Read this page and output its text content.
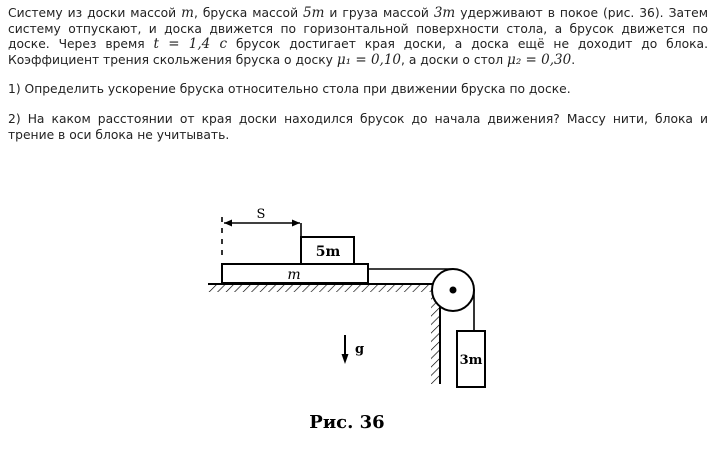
Систему из доски массой m, бруска массой 5m и груза массой 3m удерживают в покое (рис. 36). Затем систему отпускают, и доска движется по горизонтальной поверхности стола, а брусок движется по доске. Через время t = 1,4 с брусок достигает края доски, а доска ещё не доходит до блока. Коэффициент трения скольжения бруска о доску μ₁ = 0,10, а доски о стол μ₂ = 0,30.

1) Определить ускорение бруска относительно стола при движении бруска по доске.

2) На каком расстоянии от края доски находился брусок до начала движения? Массу нити, блока и трение в оси блока не учитывать.

m
5m
3m
S
g
Рис. 36
